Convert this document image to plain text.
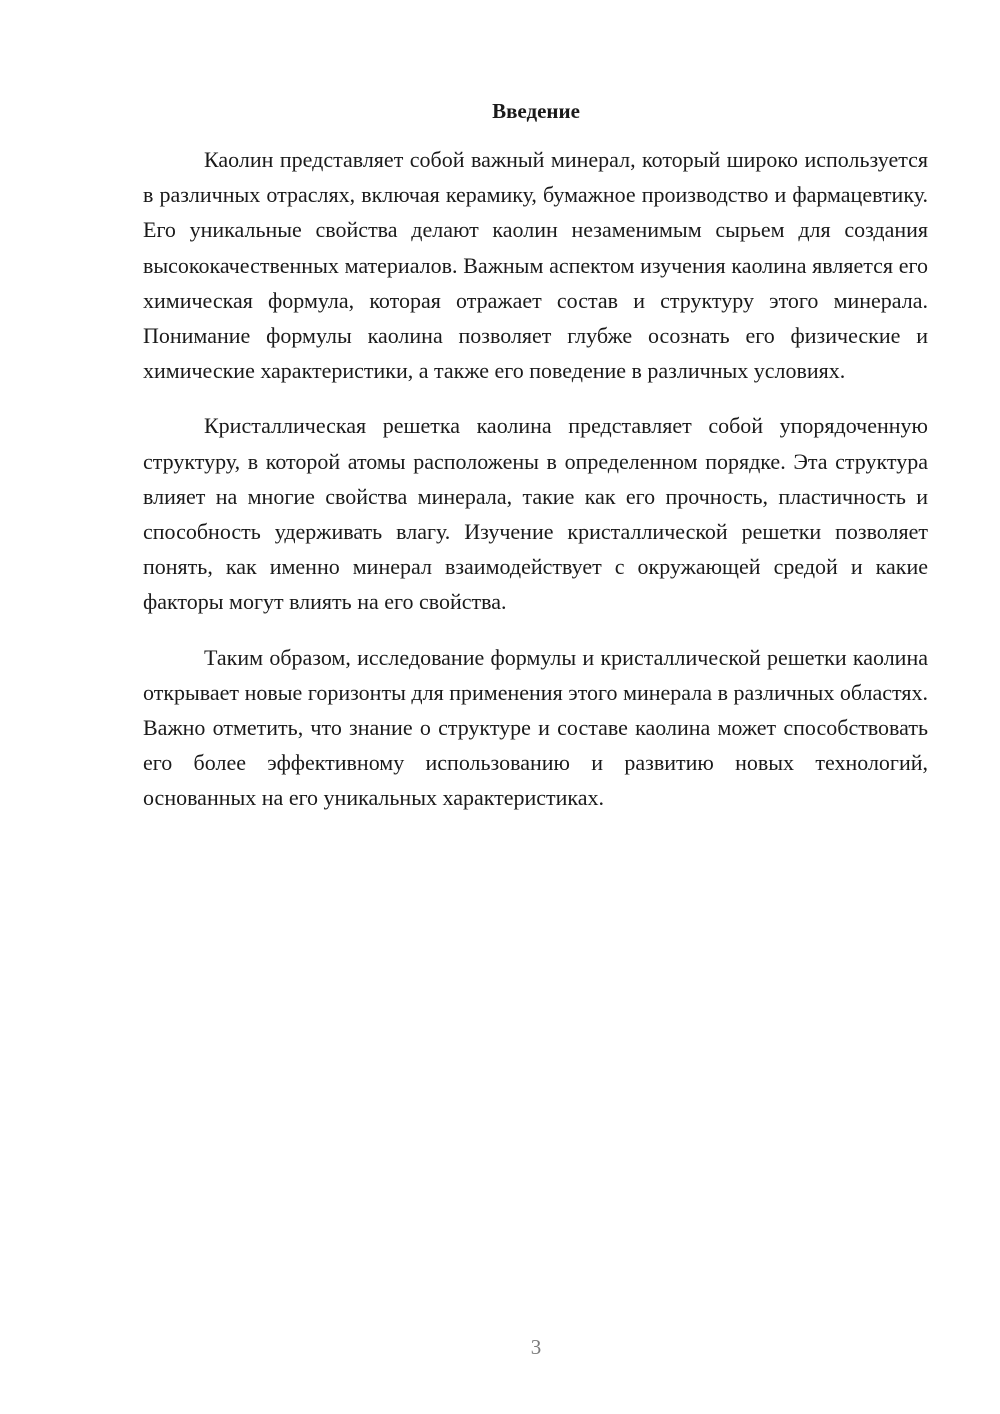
Введение

Каолин представляет собой важный минерал, который широко используется в различных отраслях, включая керамику, бумажное производство и фармацевтику. Его уникальные свойства делают каолин незаменимым сырьем для создания высококачественных материалов. Важным аспектом изучения каолина является его химическая формула, которая отражает состав и структуру этого минерала. Понимание формулы каолина позволяет глубже осознать его физические и химические характеристики, а также его поведение в различных условиях.

Кристаллическая решетка каолина представляет собой упорядоченную структуру, в которой атомы расположены в определенном порядке. Эта структура влияет на многие свойства минерала, такие как его прочность, пластичность и способность удерживать влагу. Изучение кристаллической решетки позволяет понять, как именно минерал взаимодействует с окружающей средой и какие факторы могут влиять на его свойства.

Таким образом, исследование формулы и кристаллической решетки каолина открывает новые горизонты для применения этого минерала в различных областях. Важно отметить, что знание о структуре и составе каолина может способствовать его более эффективному использованию и развитию новых технологий, основанных на его уникальных характеристиках.

3
